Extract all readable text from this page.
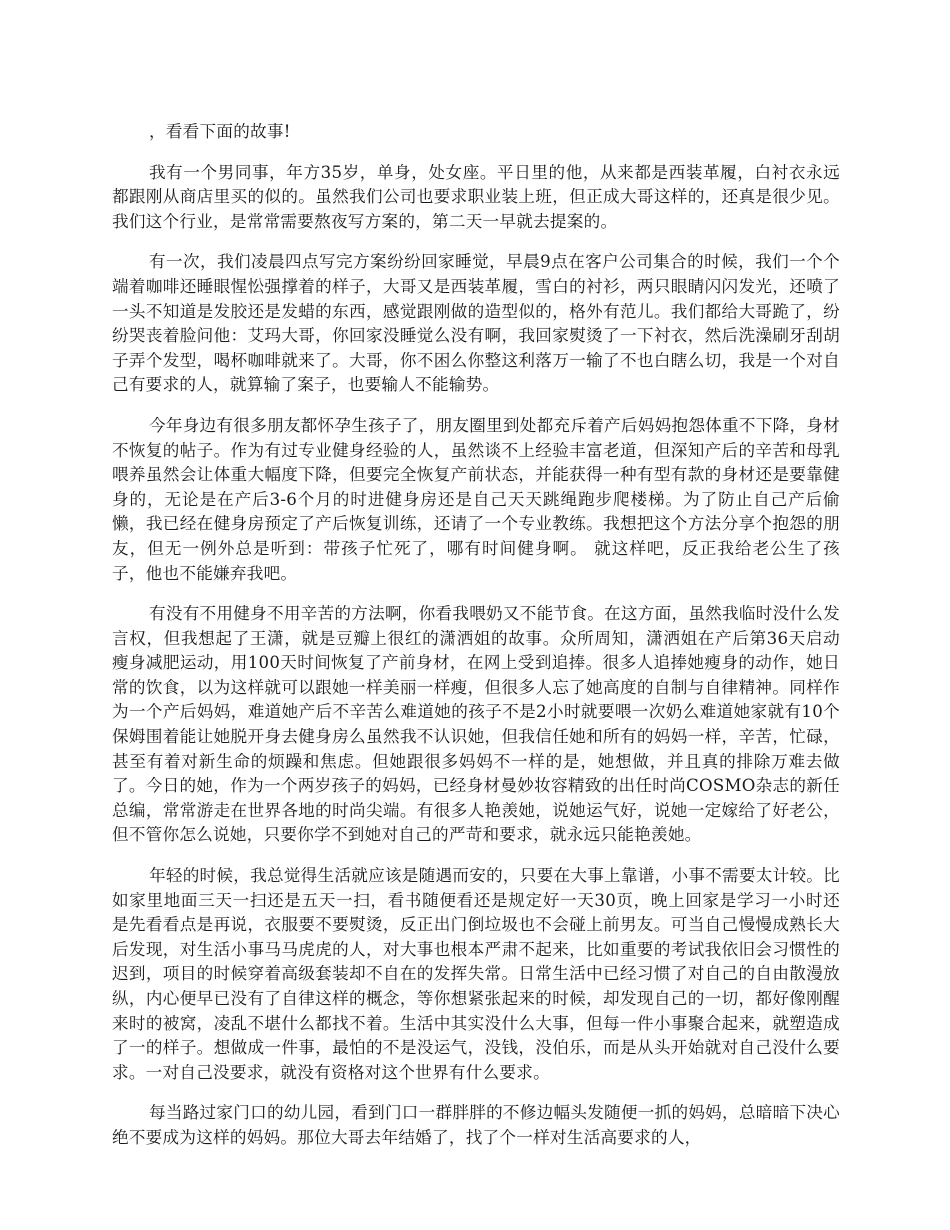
，看看下面的故事!

我有一个男同事，年方35岁，单身，处女座。平日里的他，从来都是西装革履，白衬衣永远都跟刚从商店里买的似的。虽然我们公司也要求职业装上班，但正成大哥这样的，还真是很少见。我们这个行业，是常常需要熬夜写方案的，第二天一早就去提案的。

有一次，我们凌晨四点写完方案纷纷回家睡觉，早晨9点在客户公司集合的时候，我们一个个端着咖啡还睡眼惺忪强撑着的样子，大哥又是西装革履，雪白的衬衫，两只眼睛闪闪发光，还喷了一头不知道是发胶还是发蜡的东西，感觉跟刚做的造型似的，格外有范儿。我们都给大哥跪了，纷纷哭丧着脸问他：艾玛大哥，你回家没睡觉么没有啊，我回家熨烫了一下衬衣，然后洗澡刷牙刮胡子弄个发型，喝杯咖啡就来了。大哥，你不困么你整这利落万一输了不也白瞎么切，我是一个对自己有要求的人，就算输了案子，也要输人不能输势。

今年身边有很多朋友都怀孕生孩子了，朋友圈里到处都充斥着产后妈妈抱怨体重不下降，身材不恢复的帖子。作为有过专业健身经验的人，虽然谈不上经验丰富老道，但深知产后的辛苦和母乳喂养虽然会让体重大幅度下降，但要完全恢复产前状态，并能获得一种有型有款的身材还是要靠健身的，无论是在产后3-6个月的时进健身房还是自己天天跳绳跑步爬楼梯。为了防止自己产后偷懒，我已经在健身房预定了产后恢复训练，还请了一个专业教练。我想把这个方法分享个抱怨的朋友，但无一例外总是听到：带孩子忙死了，哪有时间健身啊。 就这样吧，反正我给老公生了孩子，他也不能嫌弃我吧。

有没有不用健身不用辛苦的方法啊，你看我喂奶又不能节食。在这方面，虽然我临时没什么发言权，但我想起了王潇，就是豆瓣上很红的潇洒姐的故事。众所周知，潇洒姐在产后第36天启动瘦身减肥运动，用100天时间恢复了产前身材，在网上受到追捧。很多人追捧她瘦身的动作，她日常的饮食，以为这样就可以跟她一样美丽一样瘦，但很多人忘了她高度的自制与自律精神。同样作为一个产后妈妈，难道她产后不辛苦么难道她的孩子不是2小时就要喂一次奶么难道她家就有10个保姆围着能让她脱开身去健身房么虽然我不认识她，但我信任她和所有的妈妈一样，辛苦，忙碌，甚至有着对新生命的烦躁和焦虑。但她跟很多妈妈不一样的是，她想做，并且真的排除万难去做了。今日的她，作为一个两岁孩子的妈妈，已经身材曼妙妆容精致的出任时尚COSMO杂志的新任总编，常常游走在世界各地的时尚尖端。有很多人艳羡她，说她运气好，说她一定嫁给了好老公，但不管你怎么说她，只要你学不到她对自己的严苛和要求，就永远只能艳羡她。

年轻的时候，我总觉得生活就应该是随遇而安的，只要在大事上靠谱，小事不需要太计较。比如家里地面三天一扫还是五天一扫，看书随便看还是规定好一天30页，晚上回家是学习一小时还是先看看点是再说，衣服要不要熨烫，反正出门倒垃圾也不会碰上前男友。可当自己慢慢成熟长大后发现，对生活小事马马虎虎的人，对大事也根本严肃不起来，比如重要的考试我依旧会习惯性的迟到，项目的时候穿着高级套装却不自在的发挥失常。日常生活中已经习惯了对自己的自由散漫放纵，内心便早已没有了自律这样的概念，等你想紧张起来的时候，却发现自己的一切，都好像刚醒来时的被窝，凌乱不堪什么都找不着。生活中其实没什么大事，但每一件小事聚合起来，就塑造成了一的样子。想做成一件事，最怕的不是没运气，没钱，没伯乐，而是从头开始就对自己没什么要求。一对自己没要求，就没有资格对这个世界有什么要求。

每当路过家门口的幼儿园，看到门口一群胖胖的不修边幅头发随便一抓的妈妈，总暗暗下决心绝不要成为这样的妈妈。那位大哥去年结婚了，找了个一样对生活高要求的人，
